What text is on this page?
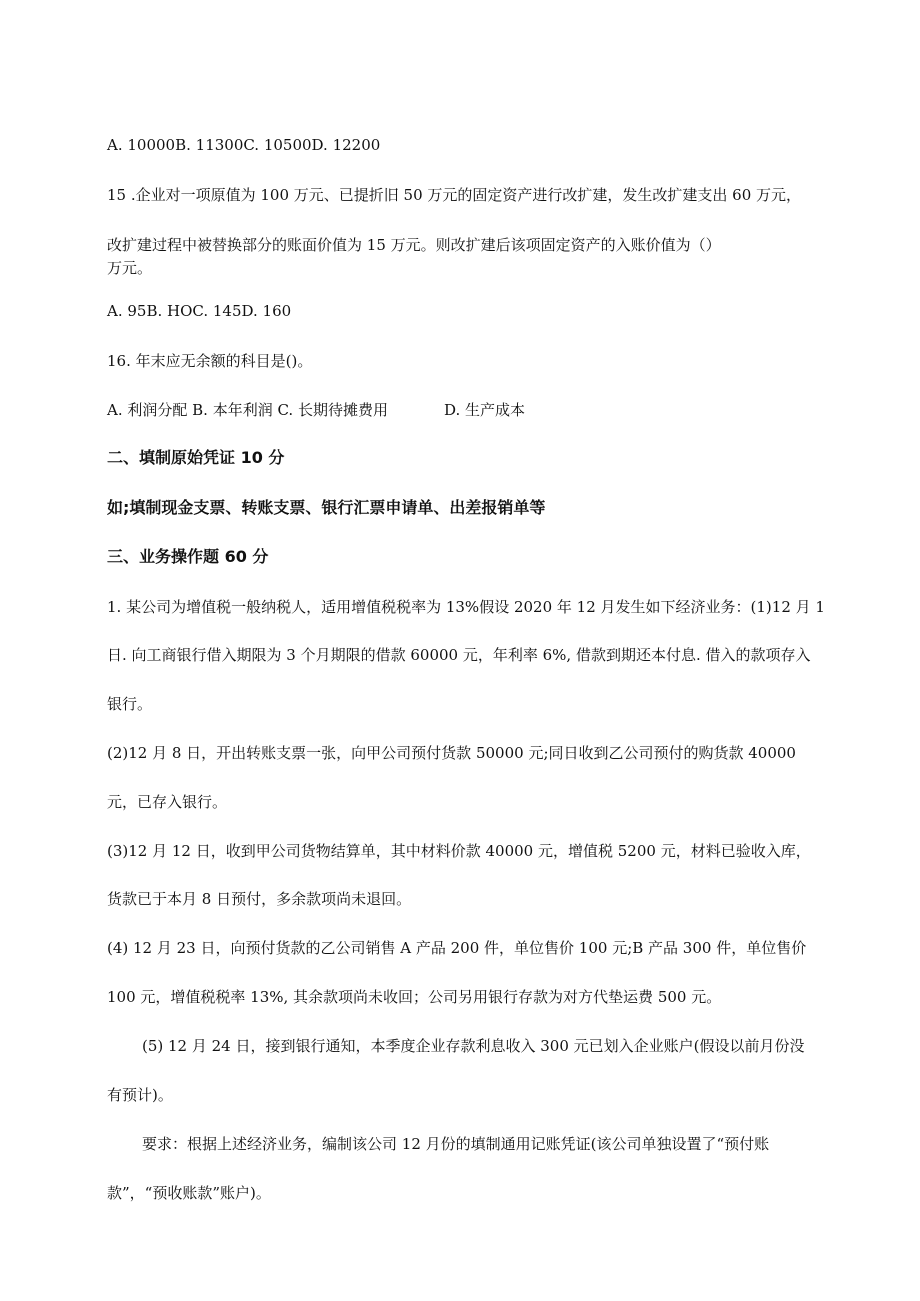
A. 10000B. 11300C. 10500D. 12200
15 .企业对一项原值为 100 万元、已提折旧 50 万元的固定资产进行改扩建，发生改扩建支出 60 万元，
改扩建过程中被替换部分的账面价值为 15 万元。则改扩建后该项固定资产的入账价值为（）
万元。
A. 95B. HOC. 145D. 160
16. 年末应无余额的科目是()。
A. 利润分配 B. 本年利润 C. 长期待摊费用	D. 生产成本
二、填制原始凭证 10 分
如;填制现金支票、转账支票、银行汇票申请单、出差报销单等
三、业务操作题 60 分
1. 某公司为增值税一般纳税人，适用增值税税率为 13%假设 2020 年 12 月发生如下经济业务：(1)12 月 1
日. 向工商银行借入期限为 3 个月期限的借款 60000 元，年利率 6%, 借款到期还本付息. 借入的款项存入
银行。
(2)12 月 8 日，开出转账支票一张，向甲公司预付货款 50000 元;同日收到乙公司预付的购货款 40000
元，已存入银行。
(3)12 月 12 日，收到甲公司货物结算单，其中材料价款 40000 元，增值税 5200 元，材料已验收入库，
货款已于本月 8 日预付，多余款项尚未退回。
(4) 12 月 23 日，向预付货款的乙公司销售 A 产品 200 件，单位售价 100 元;B 产品 300 件，单位售价
100 元，增值税税率 13%, 其余款项尚未收回；公司另用银行存款为对方代垫运费 500 元。
(5) 12 月 24 日，接到银行通知，本季度企业存款利息收入 300 元已划入企业账户(假设以前月份没
有预计)。
要求：根据上述经济业务，编制该公司 12 月份的填制通用记账凭证(该公司单独设置了“预付账
款”，“预收账款”账户)。
